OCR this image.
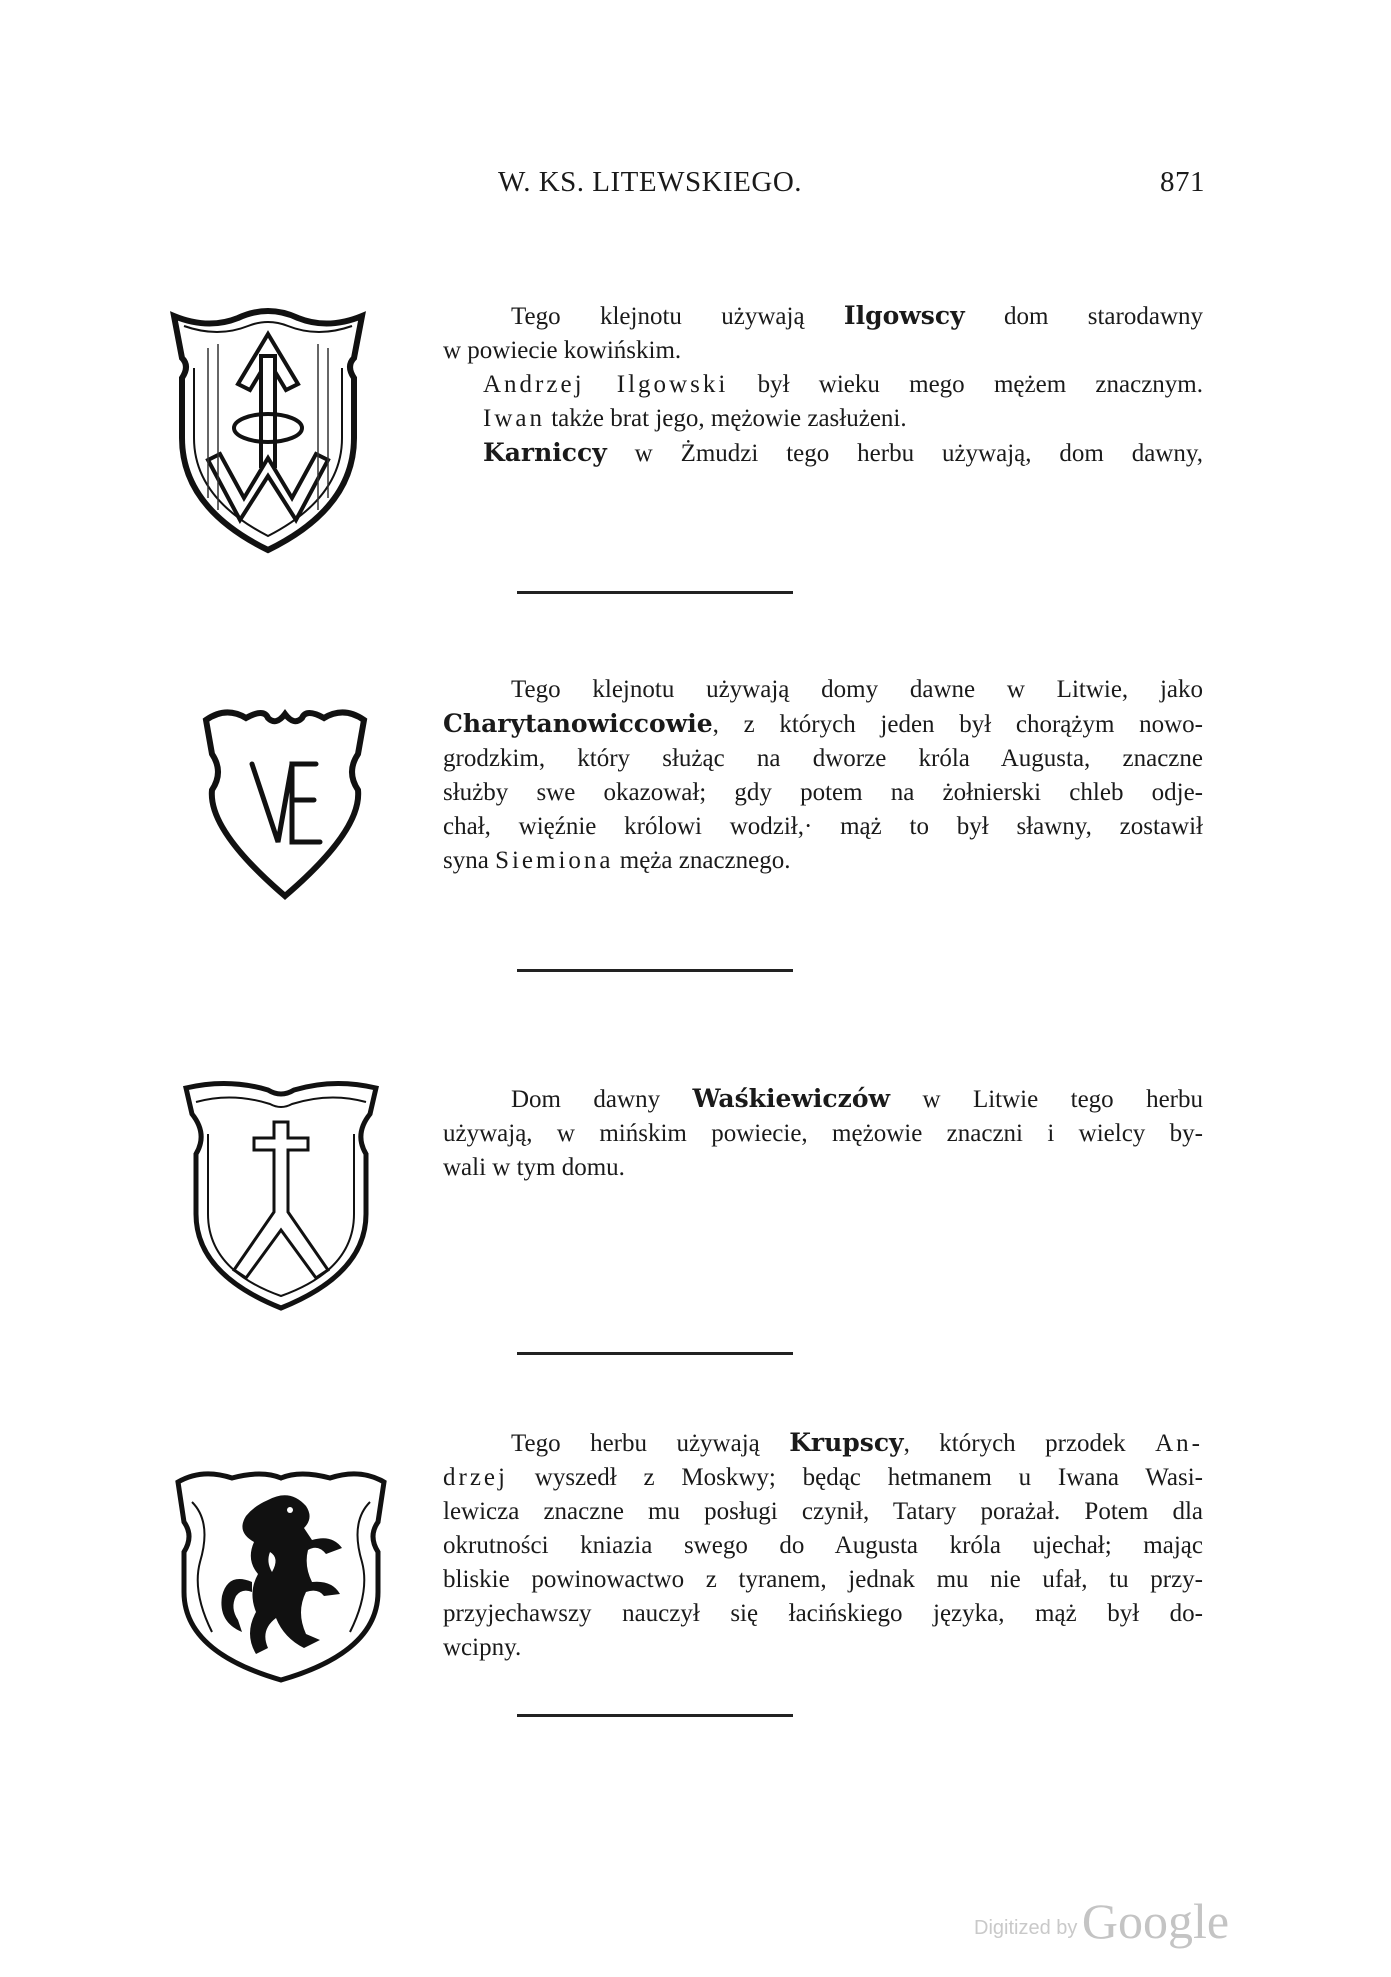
W. KS. LITEWSKIEGO.	871
Tego klejnotu używają Ilgowscy dom starodawny
w powiecie kowińskim.
Andrzej Ilgowski był wieku mego mężem znacznym.
Iwan także brat jego, mężowie zasłużeni.
Karniccy w Żmudzi tego herbu używają, dom dawny,
Tego klejnotu używają domy dawne w Litwie, jako
Charytanowiccowie, z których jeden był chorążym nowo-
grodzkim, który służąc na dworze króla Augusta, znaczne
służby swe okazował; gdy potem na żołnierski chleb odje-
chał, więźnie królowi wodził,· mąż to był sławny, zostawił
syna Siemiona męża znacznego.
Dom dawny Waśkiewiczów w Litwie tego herbu
używają, w mińskim powiecie, mężowie znaczni i wielcy by-
wali w tym domu.
Tego herbu używają Krupscy, których przodek An-
drzej wyszedł z Moskwy; będąc hetmanem u Iwana Wasi-
lewicza znaczne mu posługi czynił, Tatary porażał. Potem dla
okrutności kniazia swego do Augusta króla ujechał; mając
bliskie powinowactwo z tyranem, jednak mu nie ufał, tu przy-
przyjechawszy nauczył się łacińskiego języka, mąż był do-
wcipny.
Digitized by Google
